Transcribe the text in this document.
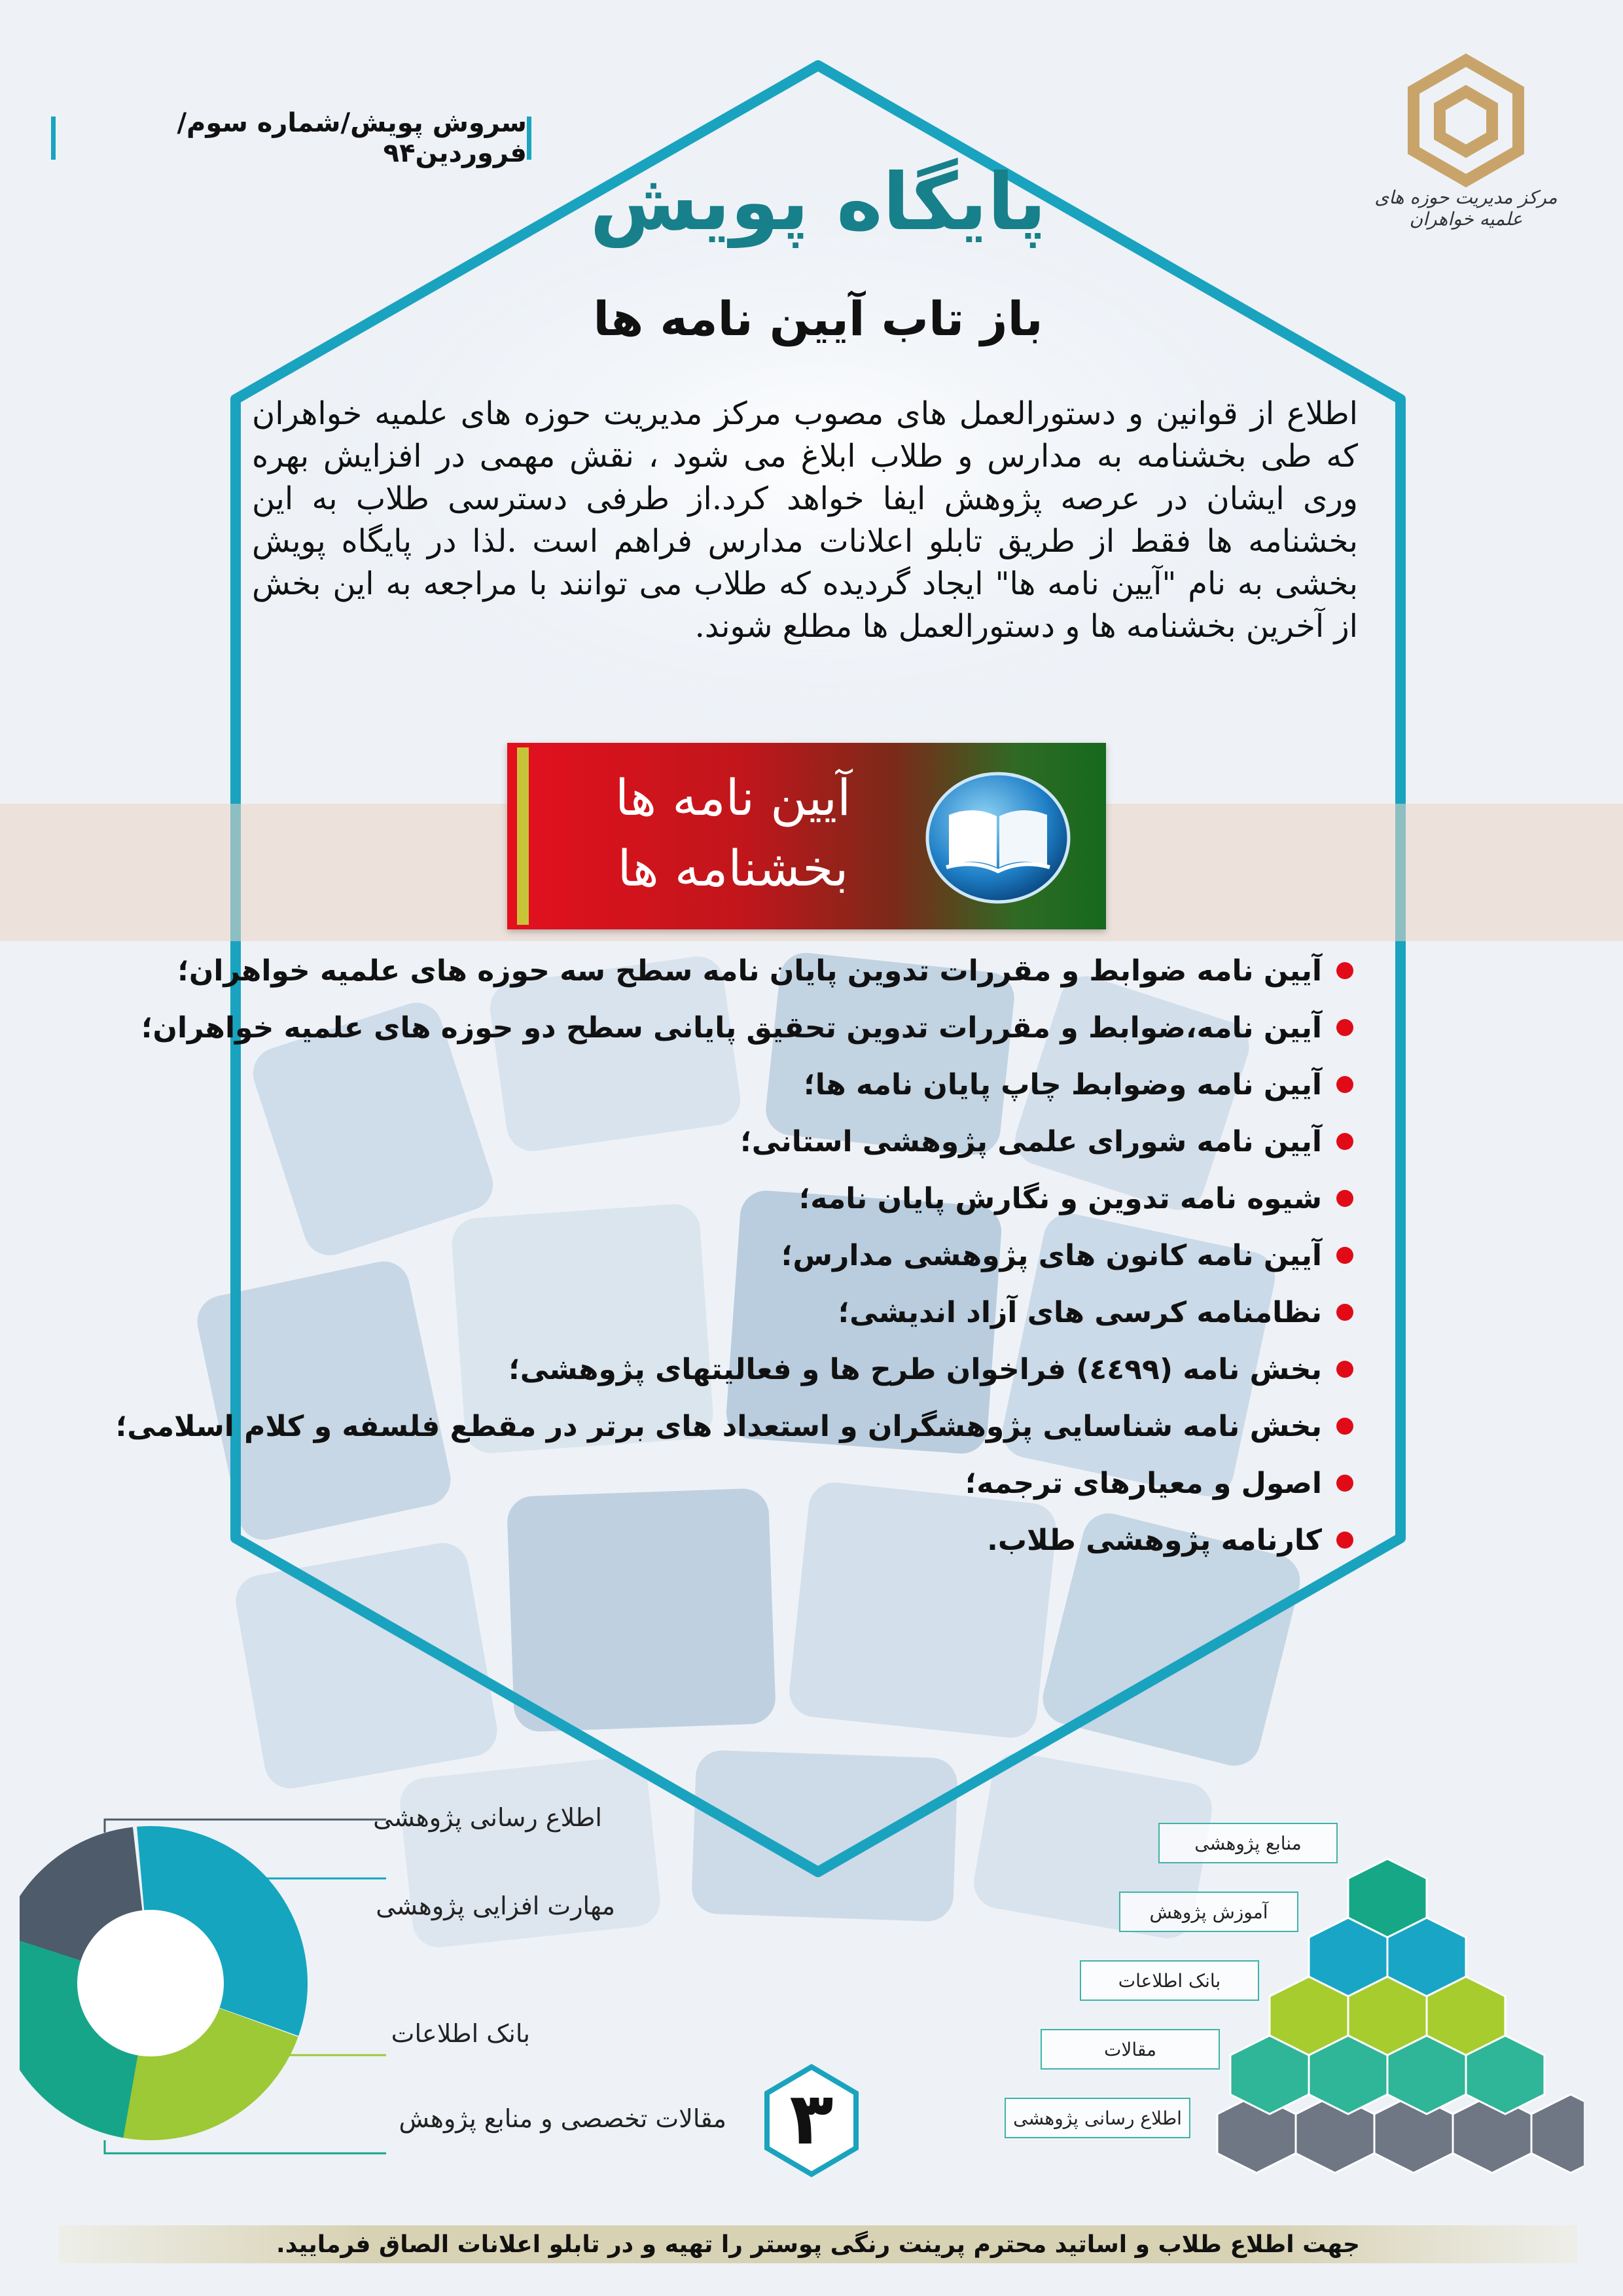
سروش پویش/شماره سوم/ فروردین۹۴
مرکز مدیریت حوزه های علمیه خواهران
پایگاه پویش
باز تاب آیین نامه ها
اطلاع از قوانین و دستورالعمل های مصوب مرکز مدیریت حوزه های علمیه خواهران که طی بخشنامه به مدارس و طلاب ابلاغ می شود ، نقش مهمی در افزایش بهره وری ایشان در عرصه پژوهش ایفا خواهد کرد.از طرفی دسترسی طلاب به این بخشنامه ها فقط از طریق تابلو اعلانات مدارس فراهم است .لذا در پایگاه پویش بخشی به نام "آیین نامه ها" ایجاد گردیده که طلاب می توانند با مراجعه به این بخش از آخرین بخشنامه ها و دستورالعمل ها مطلع شوند.
آیین نامه ها
بخشنامه ها
آیین نامه ضوابط و مقررات تدوین پایان نامه سطح سه حوزه های علمیه خواهران؛
آیین نامه،ضوابط و مقررات تدوین تحقیق پایانی سطح دو حوزه های علمیه خواهران؛
آیین نامه وضوابط چاپ پایان نامه ها؛
آیین نامه شورای علمی پژوهشی استانی؛
شیوه نامه تدوین و نگارش پایان نامه؛
آیین نامه کانون های پژوهشی مدارس؛
نظامنامه کرسی های آزاد اندیشی؛
بخش نامه (٤٤٩٩) فراخوان طرح ها و فعالیتهای پژوهشی؛
بخش نامه شناسایی پژوهشگران و استعداد های برتر در مقطع فلسفه و کلام اسلامی؛
اصول و معیارهای ترجمه؛
کارنامه پژوهشی طلاب.
اطلاع رسانی پژوهشی
مهارت افزایی پژوهشی
بانک اطلاعات
مقالات تخصصی و منابع پژوهش
منابع پژوهشی
آموزش پژوهش
بانک اطلاعات
مقالات
اطلاع رسانی پژوهشی
۳
جهت اطلاع طلاب و اساتید محترم پرینت رنگی پوستر را تهیه و در تابلو اعلانات الصاق فرمایید.
